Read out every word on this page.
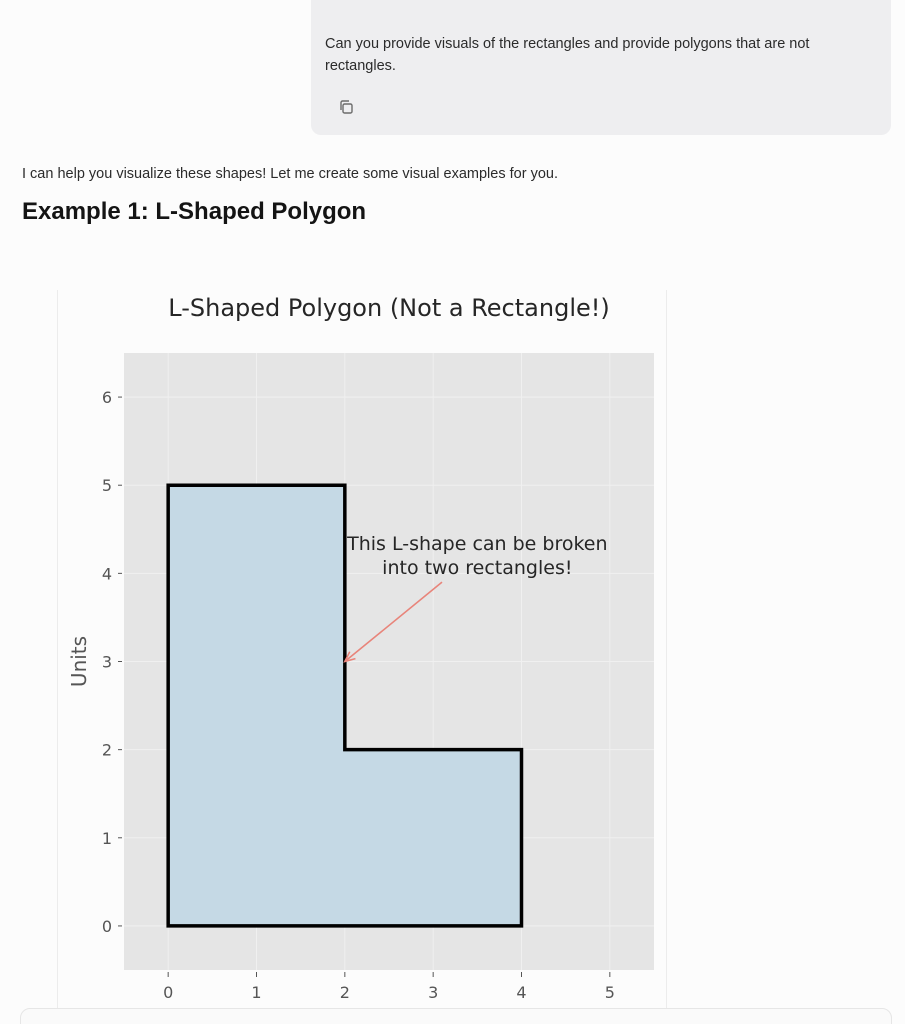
Can you provide visuals of the rectangles and provide polygons that are not rectangles.
I can help you visualize these shapes! Let me create some visual examples for you.
Example 1: L-Shaped Polygon
0	1	2	3	4	5
0
1
2
3
4
5
6
L-Shaped Polygon (Not a Rectangle!)
Units
This L-shape can be broken
into two rectangles!
